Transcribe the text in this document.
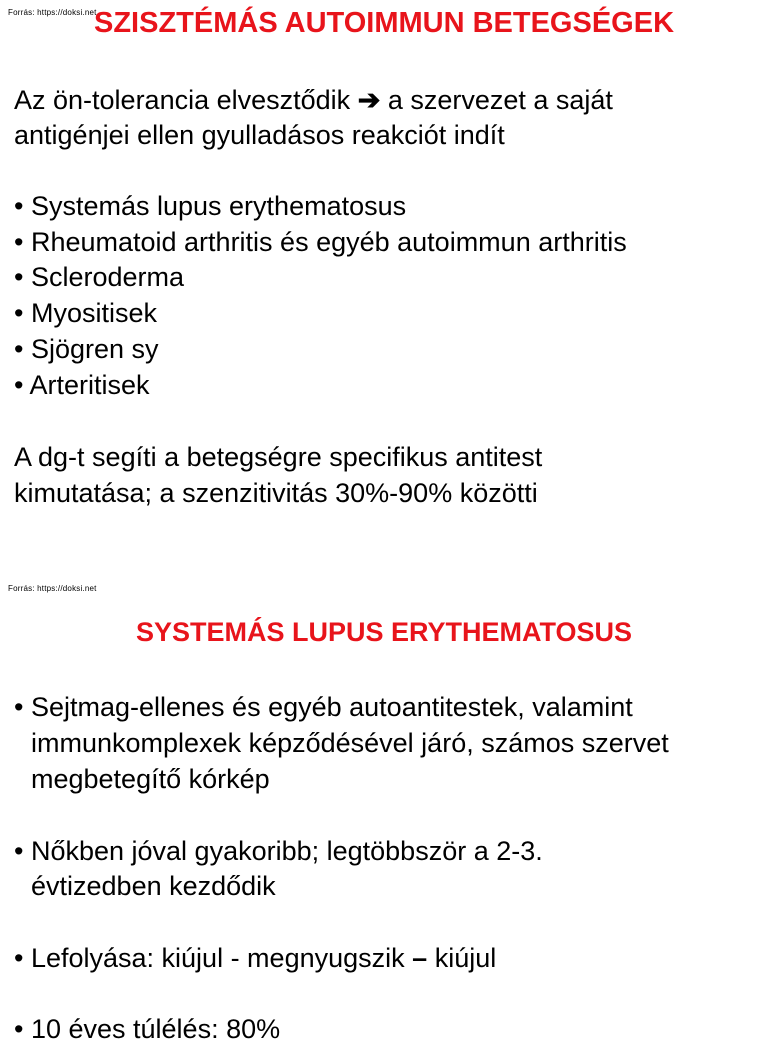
Forrás: https://doksi.net
SZISZTÉMÁS AUTOIMMUN BETEGSÉGEK
Az ön-tolerancia elvesztődik ➔ a szervezet a saját
antigénjei ellen gyulladásos reakciót indít
• Systemás lupus erythematosus
• Rheumatoid arthritis és egyéb autoimmun arthritis
• Scleroderma
• Myositisek
• Sjögren sy
• Arteritisek
A dg-t segíti a betegségre specifikus antitest
kimutatása; a szenzitivitás 30%-90% közötti
Forrás: https://doksi.net
SYSTEMÁS LUPUS ERYTHEMATOSUS
• Sejtmag-ellenes és egyéb autoantitestek, valamint
immunkomplexek képződésével járó, számos szervet
megbetegítő kórkép
• Nőkben jóval gyakoribb; legtöbbször a 2-3.
évtizedben kezdődik
• Lefolyása: kiújul - megnyugszik – kiújul
• 10 éves túlélés: 80%
